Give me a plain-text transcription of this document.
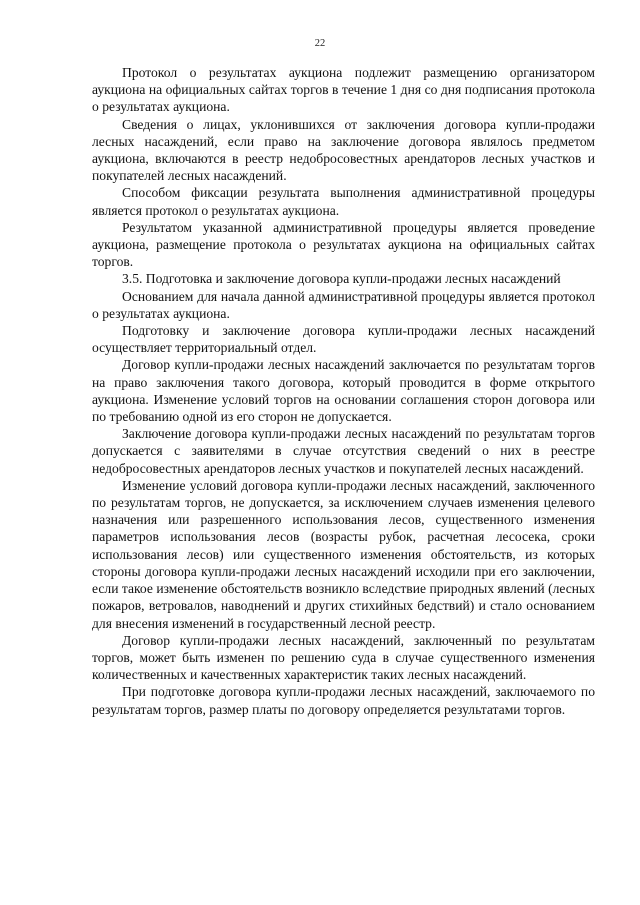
22

Протокол о результатах аукциона подлежит размещению организатором аукциона на официальных сайтах торгов в течение 1 дня со дня подписания протокола о результатах аукциона.

Сведения о лицах, уклонившихся от заключения договора купли-продажи лесных насаждений, если право на заключение договора являлось предметом аукциона, включаются в реестр недобросовестных арендаторов лесных участков и покупателей лесных насаждений.

Способом фиксации результата выполнения административной процедуры является протокол о результатах аукциона.

Результатом указанной административной процедуры является проведение аукциона, размещение протокола о результатах аукциона на официальных сайтах торгов.

3.5. Подготовка и заключение договора купли-продажи лесных насаждений

Основанием для начала данной административной процедуры является протокол о результатах аукциона.

Подготовку и заключение договора купли-продажи лесных насаждений осуществляет территориальный отдел.

Договор купли-продажи лесных насаждений заключается по результатам торгов на право заключения такого договора, который проводится в форме открытого аукциона. Изменение условий торгов на основании соглашения сторон договора или по требованию одной из его сторон не допускается.

Заключение договора купли-продажи лесных насаждений по результатам торгов допускается с заявителями в случае отсутствия сведений о них в реестре недобросовестных арендаторов лесных участков и покупателей лесных насаждений.

Изменение условий договора купли-продажи лесных насаждений, заключенного по результатам торгов, не допускается, за исключением случаев изменения целевого назначения или разрешенного использования лесов, существенного изменения параметров использования лесов (возрасты рубок, расчетная лесосека, сроки использования лесов) или существенного изменения обстоятельств, из которых стороны договора купли-продажи лесных насаждений исходили при его заключении, если такое изменение обстоятельств возникло вследствие природных явлений (лесных пожаров, ветровалов, наводнений и других стихийных бедствий) и стало основанием для внесения изменений в государственный лесной реестр.

Договор купли-продажи лесных насаждений, заключенный по результатам торгов, может быть изменен по решению суда в случае существенного изменения количественных и качественных характеристик таких лесных насаждений.

При подготовке договора купли-продажи лесных насаждений, заключаемого по результатам торгов, размер платы по договору определяется результатами торгов.
